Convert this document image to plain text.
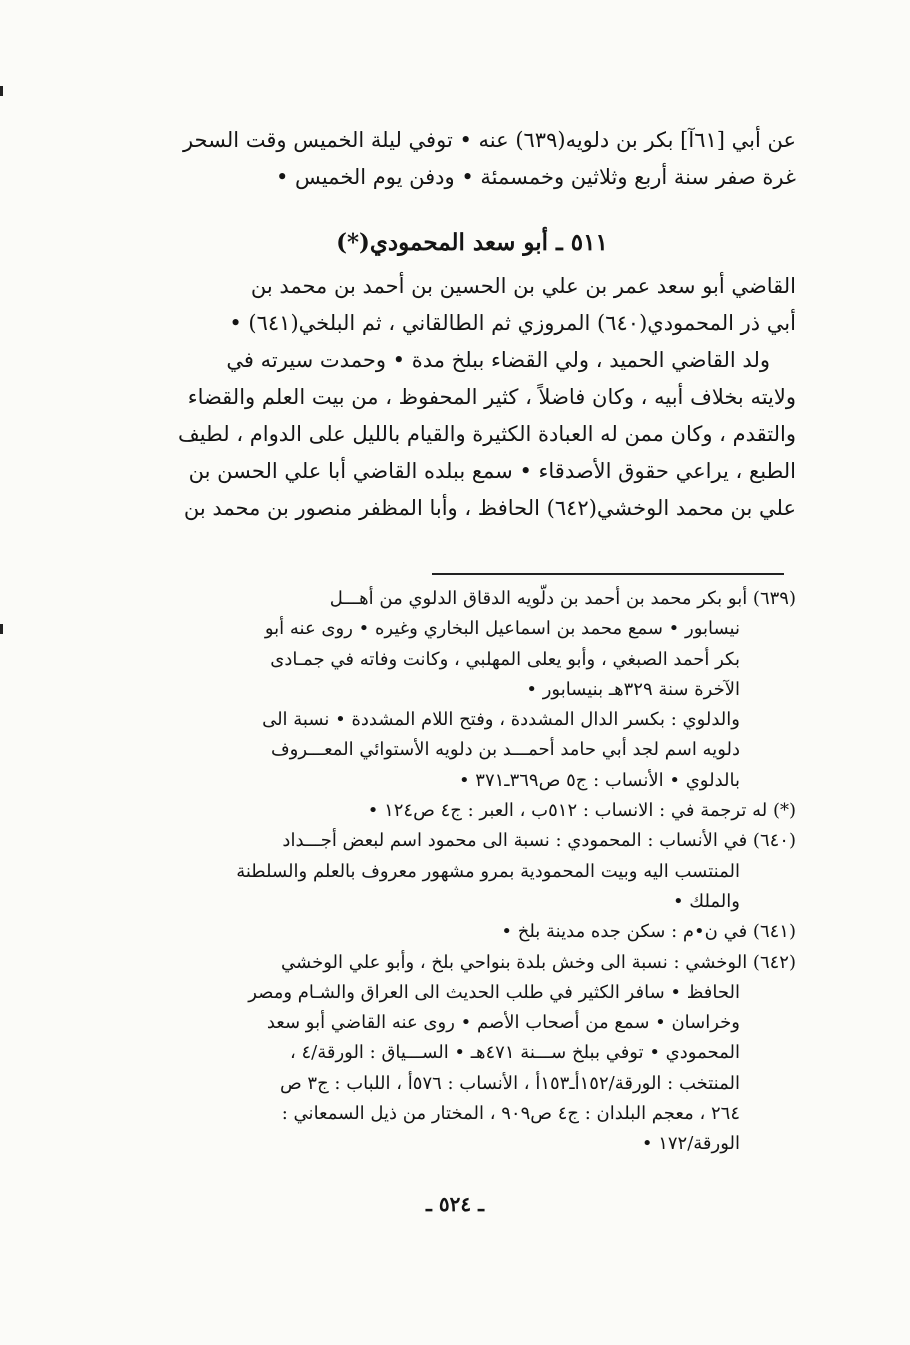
عن أبي [٦١آ] بكر بن دلويه(٦٣٩) عنه • توفي ليلة الخميس وقت السحر
غرة صفر سنة أربع وثلاثين وخمسمئة • ودفن يوم الخميس •
٥١١ ـ أبو سعد المحمودي(*)
القاضي أبو سعد عمر بن علي بن الحسين بن أحمد بن محمد بن
أبي ذر المحمودي(٦٤٠) المروزي ثم الطالقاني ، ثم البلخي(٦٤١) •
ولد القاضي الحميد ، ولي القضاء ببلخ مدة • وحمدت سيرته في
ولايته بخلاف أبيه ، وكان فاضلاً ، كثير المحفوظ ، من بيت العلم والقضاء
والتقدم ، وكان ممن له العبادة الكثيرة والقيام بالليل على الدوام ، لطيف
الطبع ، يراعي حقوق الأصدقاء • سمع ببلده القاضي أبا علي الحسن بن
علي بن محمد الوخشي(٦٤٢) الحافظ ، وأبا المظفر منصور بن محمد بن
(٦٣٩) أبو بكر محمد بن أحمد بن دلّويه الدقاق الدلوي من أهـــل
نيسابور • سمع محمد بن اسماعيل البخاري وغيره • روى عنه أبو
بكر أحمد الصبغي ، وأبو يعلى المهلبي ، وكانت وفاته في جمـادى
الآخرة سنة ٣٢٩هـ بنيسابور •
والدلوي : بكسر الدال المشددة ، وفتح اللام المشددة • نسبة الى
دلويه اسم لجد أبي حامد أحمـــد بن دلويه الأستوائي المعـــروف
بالدلوي • الأنساب : ج٥ ص٣٦٩ـ٣٧١ •
(*) له ترجمة في : الانساب : ٥١٢ب ، العبر : ج٤ ص١٢٤ •
(٦٤٠) في الأنساب : المحمودي : نسبة الى محمود اسم لبعض أجـــداد
المنتسب اليه وبيت المحمودية بمرو مشهور معروف بالعلم والسلطنة
والملك •
(٦٤١) في ن•م : سكن جده مدينة بلخ •
(٦٤٢) الوخشي : نسبة الى وخش بلدة بنواحي بلخ ، وأبو علي الوخشي
الحافظ • سافر الكثير في طلب الحديث الى العراق والشـام ومصر
وخراسان • سمع من أصحاب الأصم • روى عنه القاضي أبو سعد
المحمودي • توفي ببلخ ســـنة ٤٧١هـ • الســـياق : الورقة/٤ ،
المنتخب : الورقة/١٥٢أـ١٥٣أ ، الأنساب : ٥٧٦أ ، اللباب : ج٣ ص
٢٦٤ ، معجم البلدان : ج٤ ص٩٠٩ ، المختار من ذيل السمعاني :
الورقة/١٧٢ •
ـ ٥٢٤ ـ
